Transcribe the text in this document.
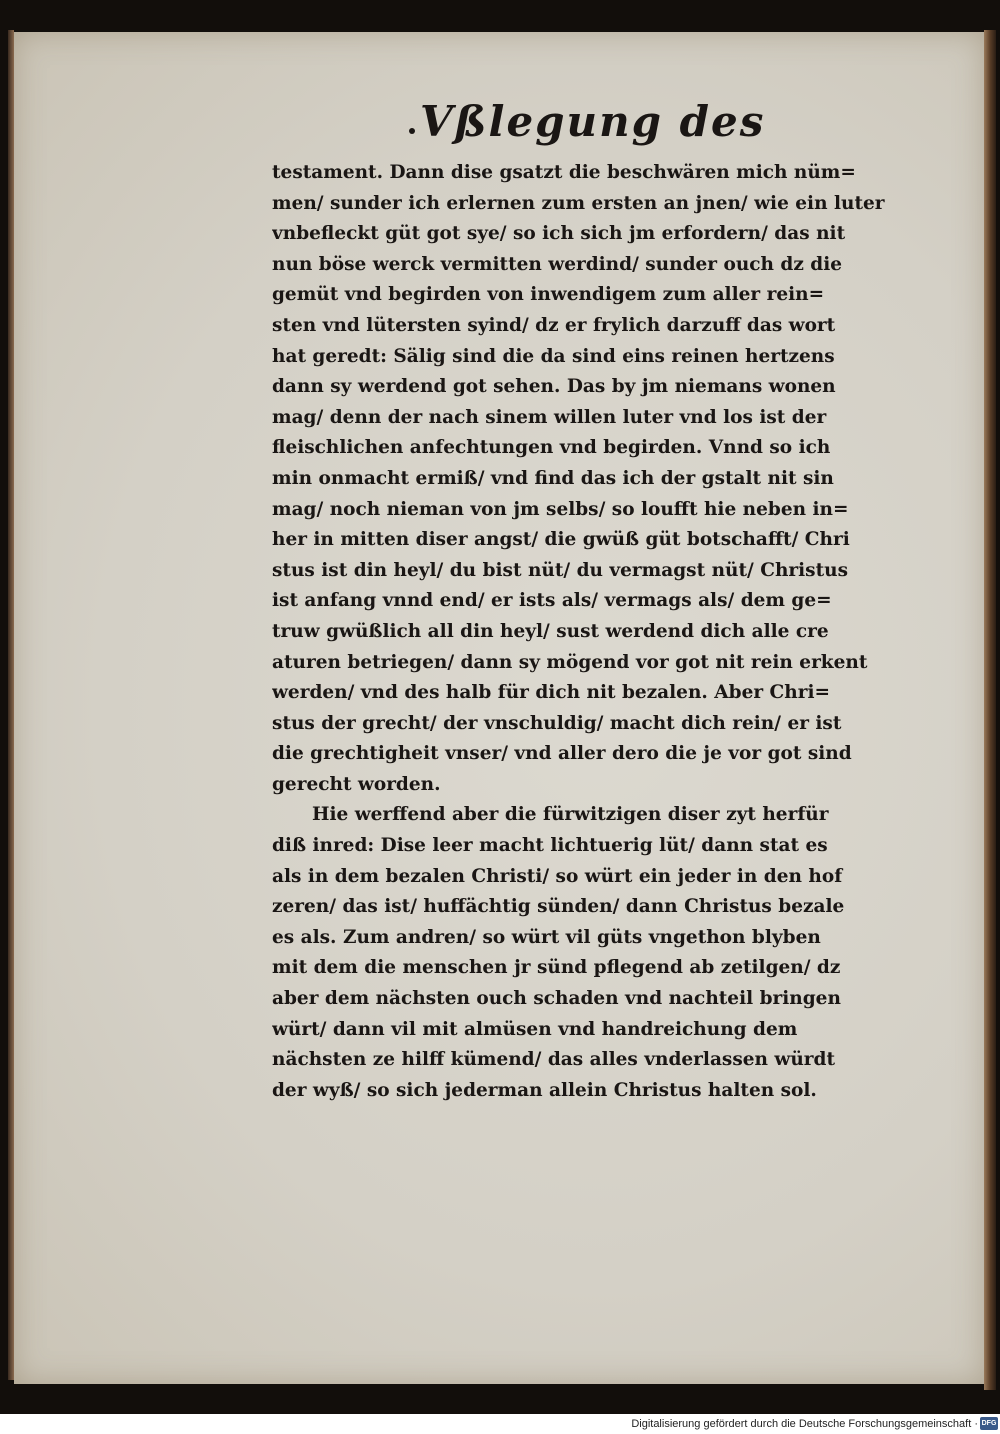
Vßlegung des
testament. Dann dise gsatzt die beschwären mich nüm=
men/ sunder ich erlernen zum ersten an jnen/ wie ein luter
vnbefleckt güt got sye/ so ich sich jm erfordern/ das nit
nun böse werck vermitten werdind/ sunder ouch dz die
gemüt vnd begirden von inwendigem zum aller rein=
sten vnd lütersten syind/ dz er frylich darzuff das wort
hat geredt: Sälig sind die da sind eins reinen hertzens
dann sy werdend got sehen. Das by jm niemans wonen
mag/ denn der nach sinem willen luter vnd los ist der
fleischlichen anfechtungen vnd begirden. Vnnd so ich
min onmacht ermiß/ vnd find das ich der gstalt nit sin
mag/ noch nieman von jm selbs/ so loufft hie neben in=
her in mitten diser angst/ die gwüß güt botschafft/ Chri
stus ist din heyl/ du bist nüt/ du vermagst nüt/ Christus
ist anfang vnnd end/ er ists als/ vermags als/ dem ge=
truw gwüßlich all din heyl/ sust werdend dich alle cre
aturen betriegen/ dann sy mögend vor got nit rein erkent
werden/ vnd des halb für dich nit bezalen. Aber Chri=
stus der grecht/ der vnschuldig/ macht dich rein/ er ist
die grechtigheit vnser/ vnd aller dero die je vor got sind
gerecht worden.
Hie werffend aber die fürwitzigen diser zyt herfür
diß inred: Dise leer macht lichtuerig lüt/ dann stat es
als in dem bezalen Christi/ so würt ein jeder in den hof
zeren/ das ist/ huffächtig sünden/ dann Christus bezale
es als. Zum andren/ so würt vil güts vngethon blyben
mit dem die menschen jr sünd pflegend ab zetilgen/ dz
aber dem nächsten ouch schaden vnd nachteil bringen
würt/ dann vil mit almüsen vnd handreichung dem
nächsten ze hilff kümend/ das alles vnderlassen würdt
der wyß/ so sich jederman allein Christus halten sol.
Digitalisierung gefördert durch die Deutsche Forschungsgemeinschaft · DFG
